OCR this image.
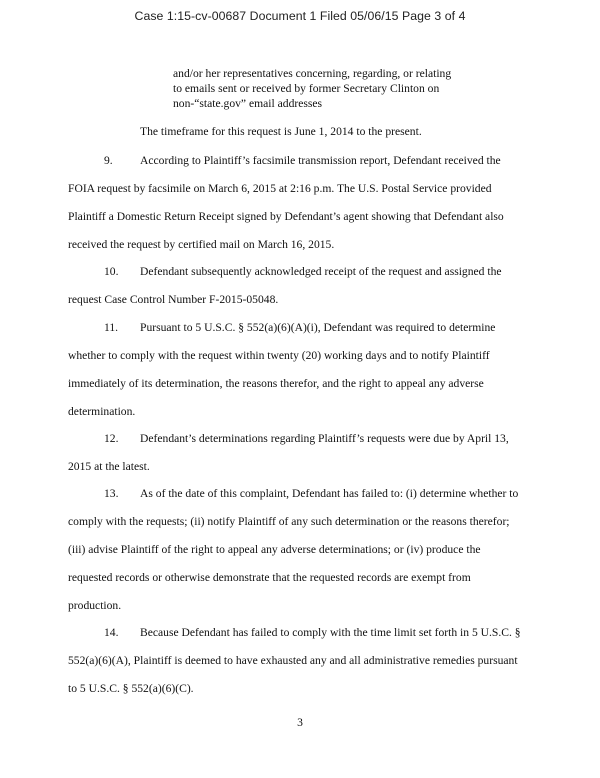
Case 1:15-cv-00687 Document 1 Filed 05/06/15 Page 3 of 4
and/or her representatives concerning, regarding, or relating
to emails sent or received by former Secretary Clinton on
non-“state.gov” email addresses
The timeframe for this request is June 1, 2014 to the present.
9. According to Plaintiff’s facsimile transmission report, Defendant received the
FOIA request by facsimile on March 6, 2015 at 2:16 p.m. The U.S. Postal Service provided
Plaintiff a Domestic Return Receipt signed by Defendant’s agent showing that Defendant also
received the request by certified mail on March 16, 2015.
10. Defendant subsequently acknowledged receipt of the request and assigned the
request Case Control Number F-2015-05048.
11. Pursuant to 5 U.S.C. § 552(a)(6)(A)(i), Defendant was required to determine
whether to comply with the request within twenty (20) working days and to notify Plaintiff
immediately of its determination, the reasons therefor, and the right to appeal any adverse
determination.
12. Defendant’s determinations regarding Plaintiff’s requests were due by April 13,
2015 at the latest.
13. As of the date of this complaint, Defendant has failed to: (i) determine whether to
comply with the requests; (ii) notify Plaintiff of any such determination or the reasons therefor;
(iii) advise Plaintiff of the right to appeal any adverse determinations; or (iv) produce the
requested records or otherwise demonstrate that the requested records are exempt from
production.
14. Because Defendant has failed to comply with the time limit set forth in 5 U.S.C. §
552(a)(6)(A), Plaintiff is deemed to have exhausted any and all administrative remedies pursuant
to 5 U.S.C. § 552(a)(6)(C).
3
